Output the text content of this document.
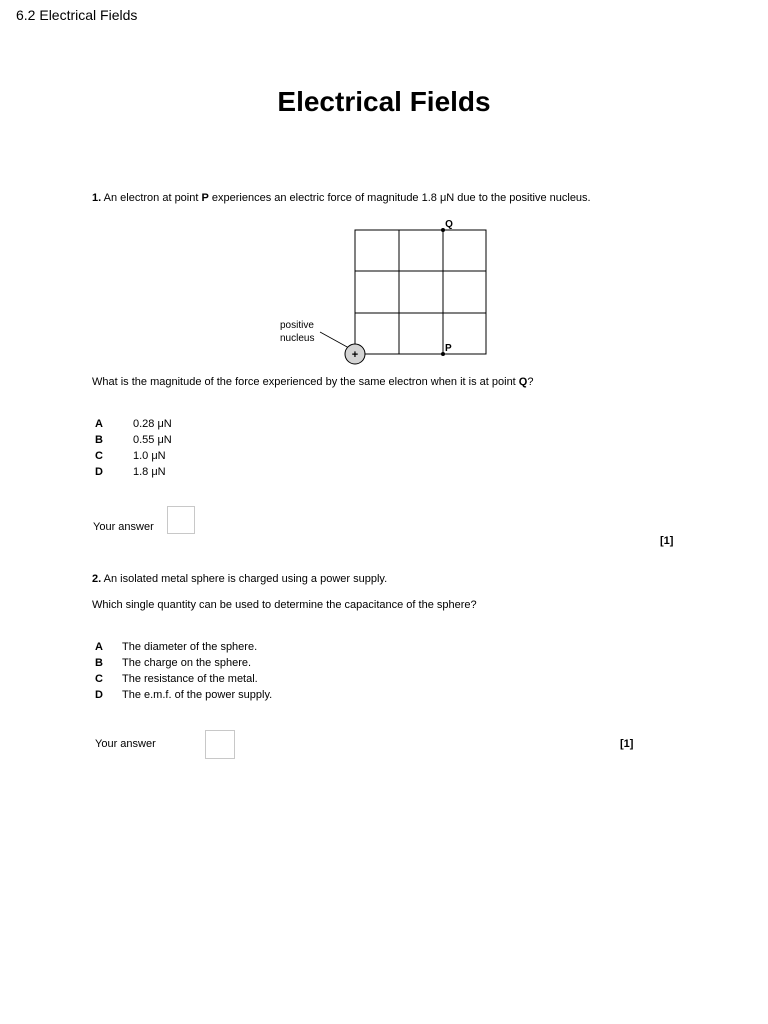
6.2 Electrical Fields
Electrical Fields
1. An electron at point P experiences an electric force of magnitude 1.8 μN due to the positive nucleus.
Q
P
positive
nucleus
+
What is the magnitude of the force experienced by the same electron when it is at point Q?
A	0.28 μN
B	0.55 μN
C	1.0 μN
D	1.8 μN
Your answer
[1]
2. An isolated metal sphere is charged using a power supply.
Which single quantity can be used to determine the capacitance of the sphere?
A The diameter of the sphere.
B The charge on the sphere.
C The resistance of the metal.
D The e.m.f. of the power supply.
Your answer	[1]
